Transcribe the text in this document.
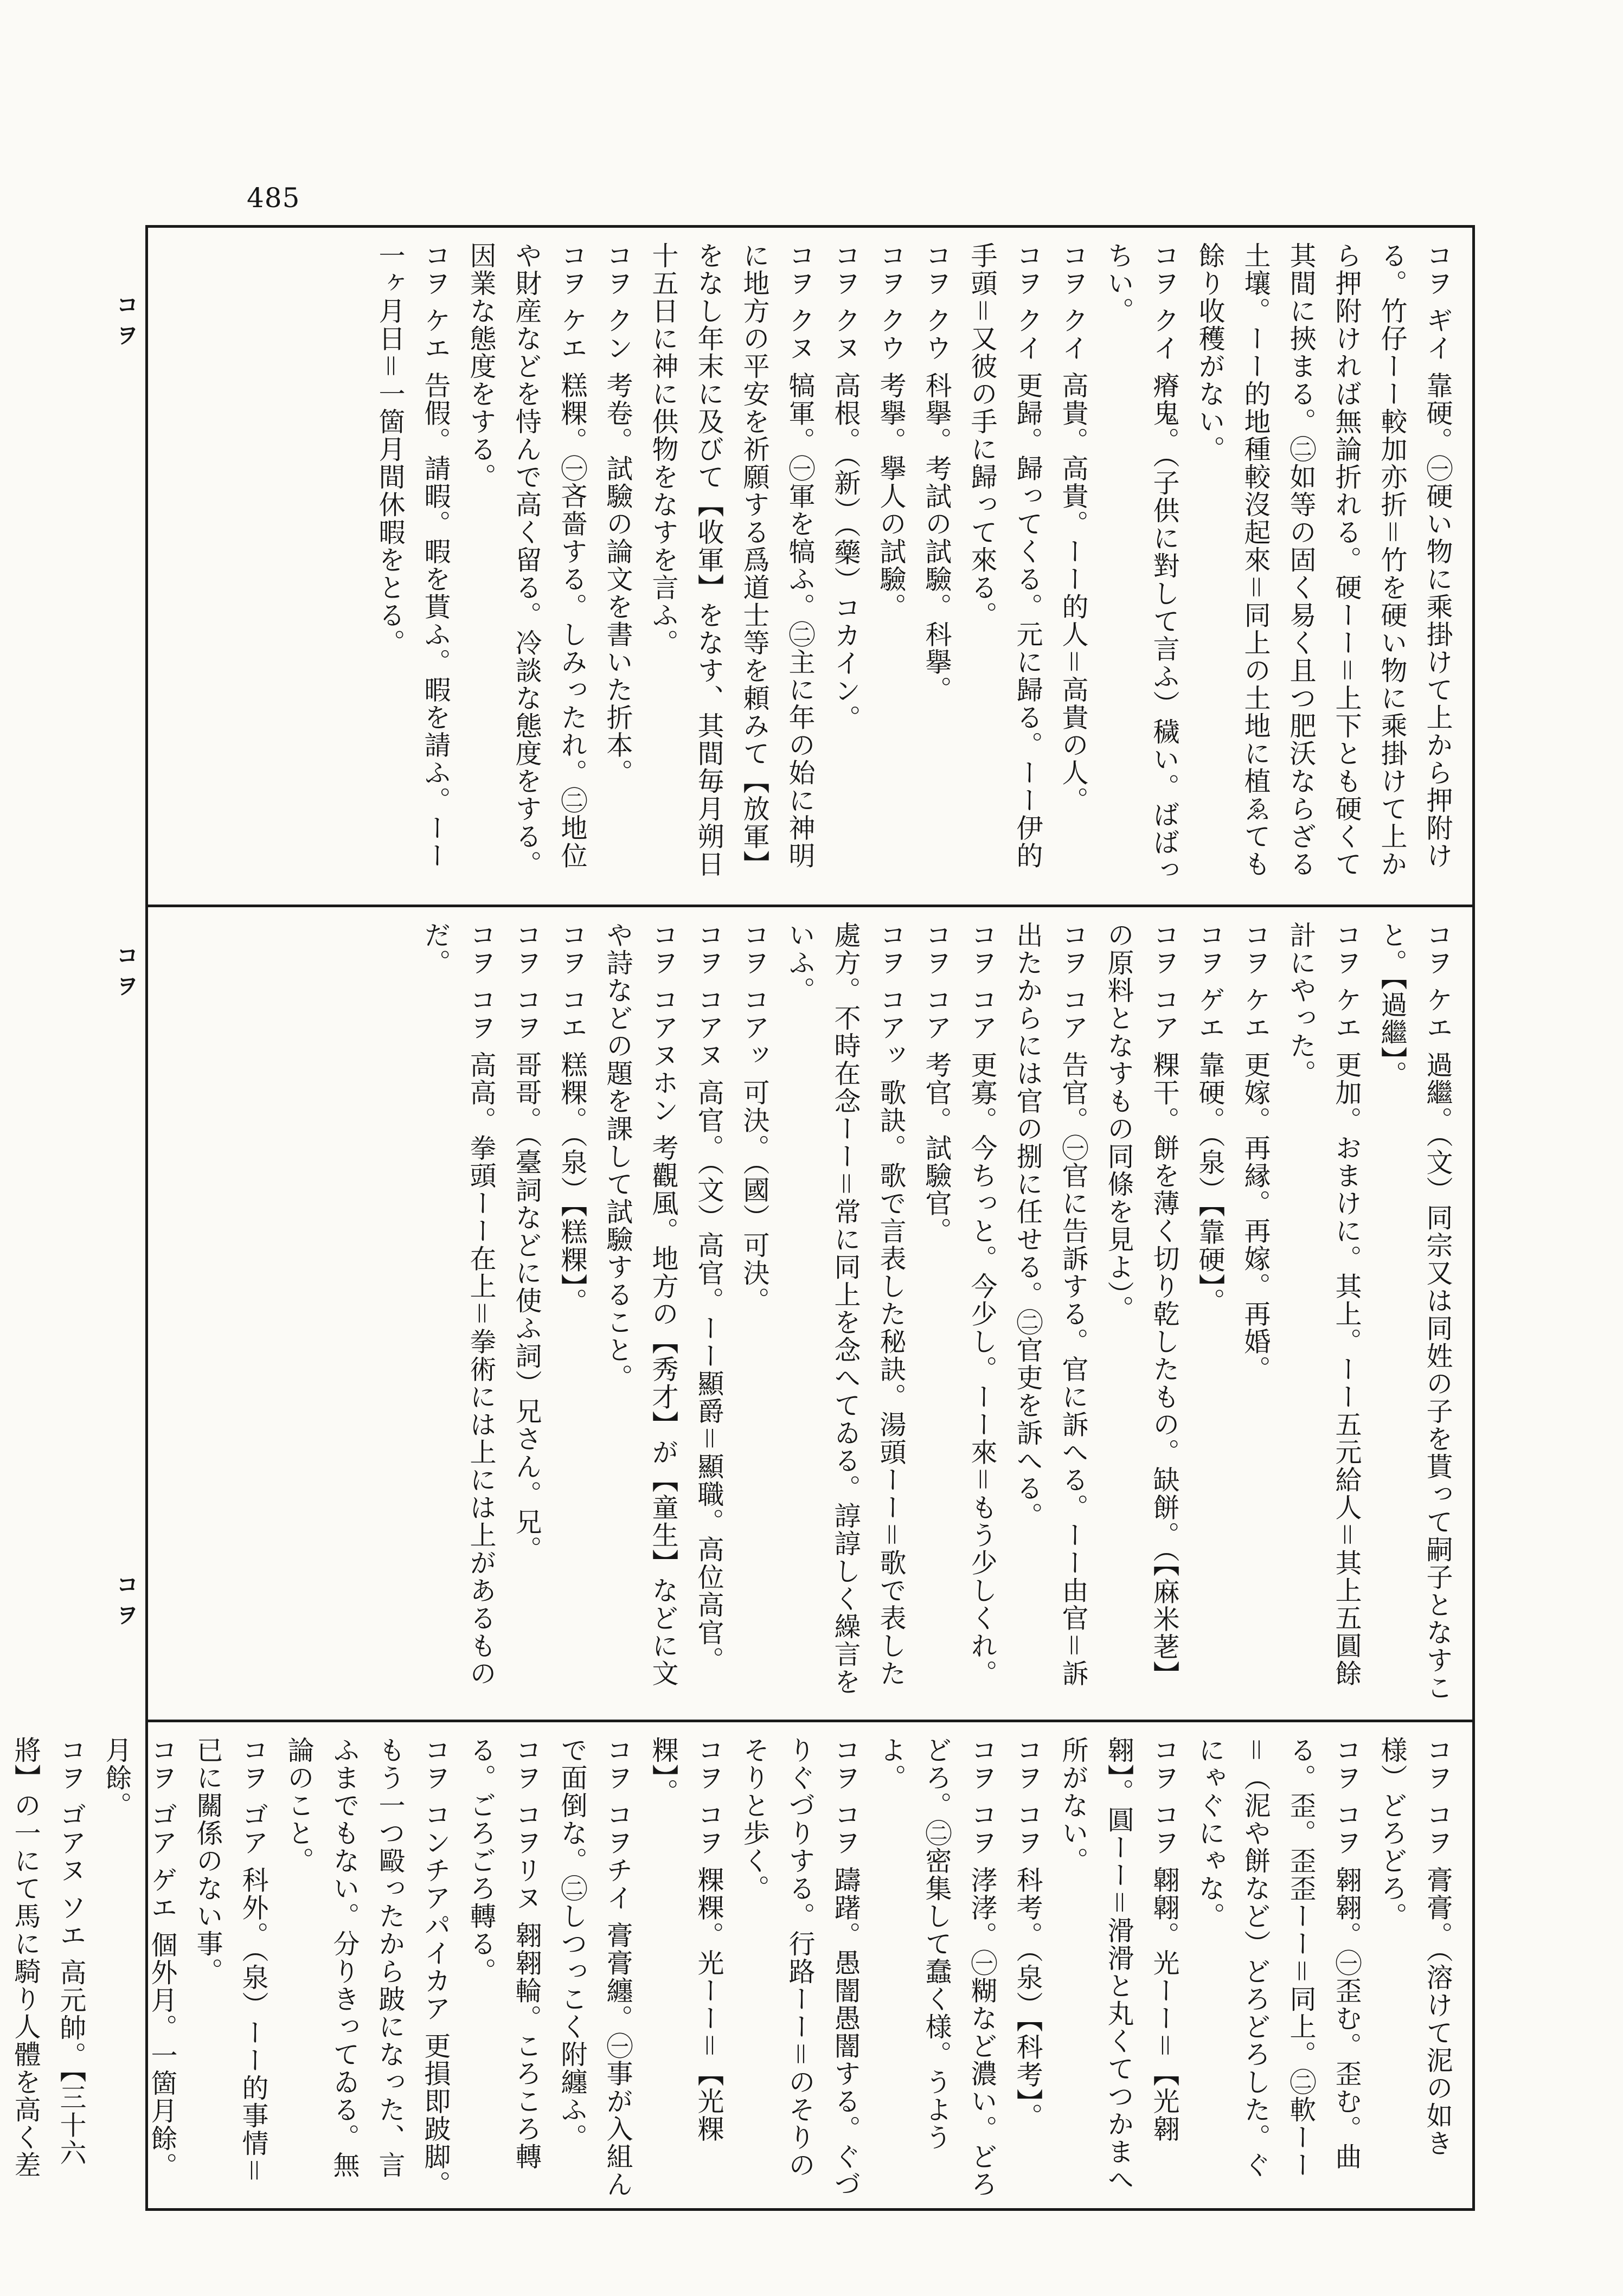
485
コヲ
コヲ
コヲ

コヲ ギイ 靠硬。㊀硬い物に乘掛けて上から押附ける。竹仔ーー較加亦折＝竹を硬い物に乘掛けて上から押附ければ無論折れる。硬ーー＝上下とも硬くて其間に挾まる。㊁如等の固く易く且つ肥沃ならざる土壤。ーー的地種較沒起來＝同上の土地に植ゑても餘り收穫がない。

コヲ クイ 瘠鬼。（子供に對して言ふ）穢い。ばばっちい。

コヲ クイ 高貴。高貴。ーー的人＝高貴の人。

コヲ クイ 更歸。歸ってくる。元に歸る。ーー伊的手頭＝又彼の手に歸って來る。

コヲ クウ 科擧。考試の試驗。科擧。

コヲ クウ 考擧。擧人の試驗。

コヲ クヌ 高根。（新）（藥）コカイン。

コヲ クヌ 犒軍。㊀軍を犒ふ。㊁主に年の始に神明に地方の平安を祈願する爲道士等を頼みて【放軍】をなし年末に及びて【收軍】をなす、其間毎月朔日十五日に神に供物をなすを言ふ。

コヲ クン 考卷。試驗の論文を書いた折本。

コヲ ケエ 糕粿。㊀吝嗇する。しみったれ。㊁地位や財産などを恃んで高く留る。冷談な態度をする。因業な態度をする。

コヲ ケエ 告假。請暇。暇を貰ふ。暇を請ふ。ーー一ヶ月日＝一箇月間休暇をとる。

コヲ ケエ 過繼。（文）同宗又は同姓の子を貰って嗣子となすこと。【過繼】。

コヲ ケエ 更加。おまけに。其上。ーー五元給人＝其上五圓餘計にやった。

コヲ ケエ 更嫁。再縁。再嫁。再婚。

コヲ ゲエ 靠硬。（泉）【靠硬】。

コヲ コア 粿干。餅を薄く切り乾したもの。缺餅。（【麻米荖】の原料となすもの同條を見よ）。

コヲ コア 告官。㊀官に告訴する。官に訴へる。ーー由官＝訴出たからには官の捌に任せる。㊁官吏を訴へる。

コヲ コア 更寡。今ちっと。今少し。ーー來＝もう少しくれ。

コヲ コア 考官。試驗官。

コヲ コアッ 歌訣。歌で言表した秘訣。湯頭ーー＝歌で表した處方。不時在念ーー＝常に同上を念へてゐる。諄諄しく繰言をいふ。

コヲ コアッ 可決。（國）可決。

コヲ コアヌ 高官。（文）高官。ーー顯爵＝顯職。高位高官。

コヲ コアヌホン 考觀風。地方の【秀才】が【童生】などに文や詩などの題を課して試驗すること。

コヲ コエ 糕粿。（泉）【糕粿】。

コヲ コヲ 哥哥。（臺詞などに使ふ詞）兄さん。兄。

コヲ コヲ 高高。拳頭ーー在上＝拳術には上には上があるものだ。

コヲ コヲ 膏膏。（溶けて泥の如き様）どろどろ。

コヲ コヲ 翱翱。㊀歪む。歪む。曲る。歪。歪歪ーー＝同上。㊁軟ーー＝（泥や餅など）どろどろした。ぐにゃぐにゃな。

コヲ コヲ 翺翺。光ーー＝【光翱翱】。圓ーー＝滑滑と丸くてつかまへ所がない。

コヲ コヲ 科考。（泉）【科考】。

コヲ コヲ 涍涍。㊀糊など濃い。どろどろ。㊁密集して蠢く様。うようよ。

コヲ コヲ 躊躇。愚闇愚闇する。ぐづりぐづりする。行路ーー＝のそりのそりと歩く。

コヲ コヲ 粿粿。光ーー＝【光粿粿】。

コヲ コヲチイ 膏膏纏。㊀事が入組んで面倒な。㊁しつっこく附纏ふ。

コヲ コヲリヌ 翱翱輪。ころころ轉る。ごろごろ轉る。

コヲ コンチアパイカア 更損即跛脚。もう一つ毆ったから跛になった、言ふまでもない。分りきってゐる。無論のこと。

コヲ ゴア 科外。（泉）ーー的事情＝已に關係のない事。

コヲ ゴア ゲエ 個外月。一箇月餘。月餘。

コヲ ゴアヌ ソエ 高元帥。【三十六將】の一にて馬に騎り人體を高く差
